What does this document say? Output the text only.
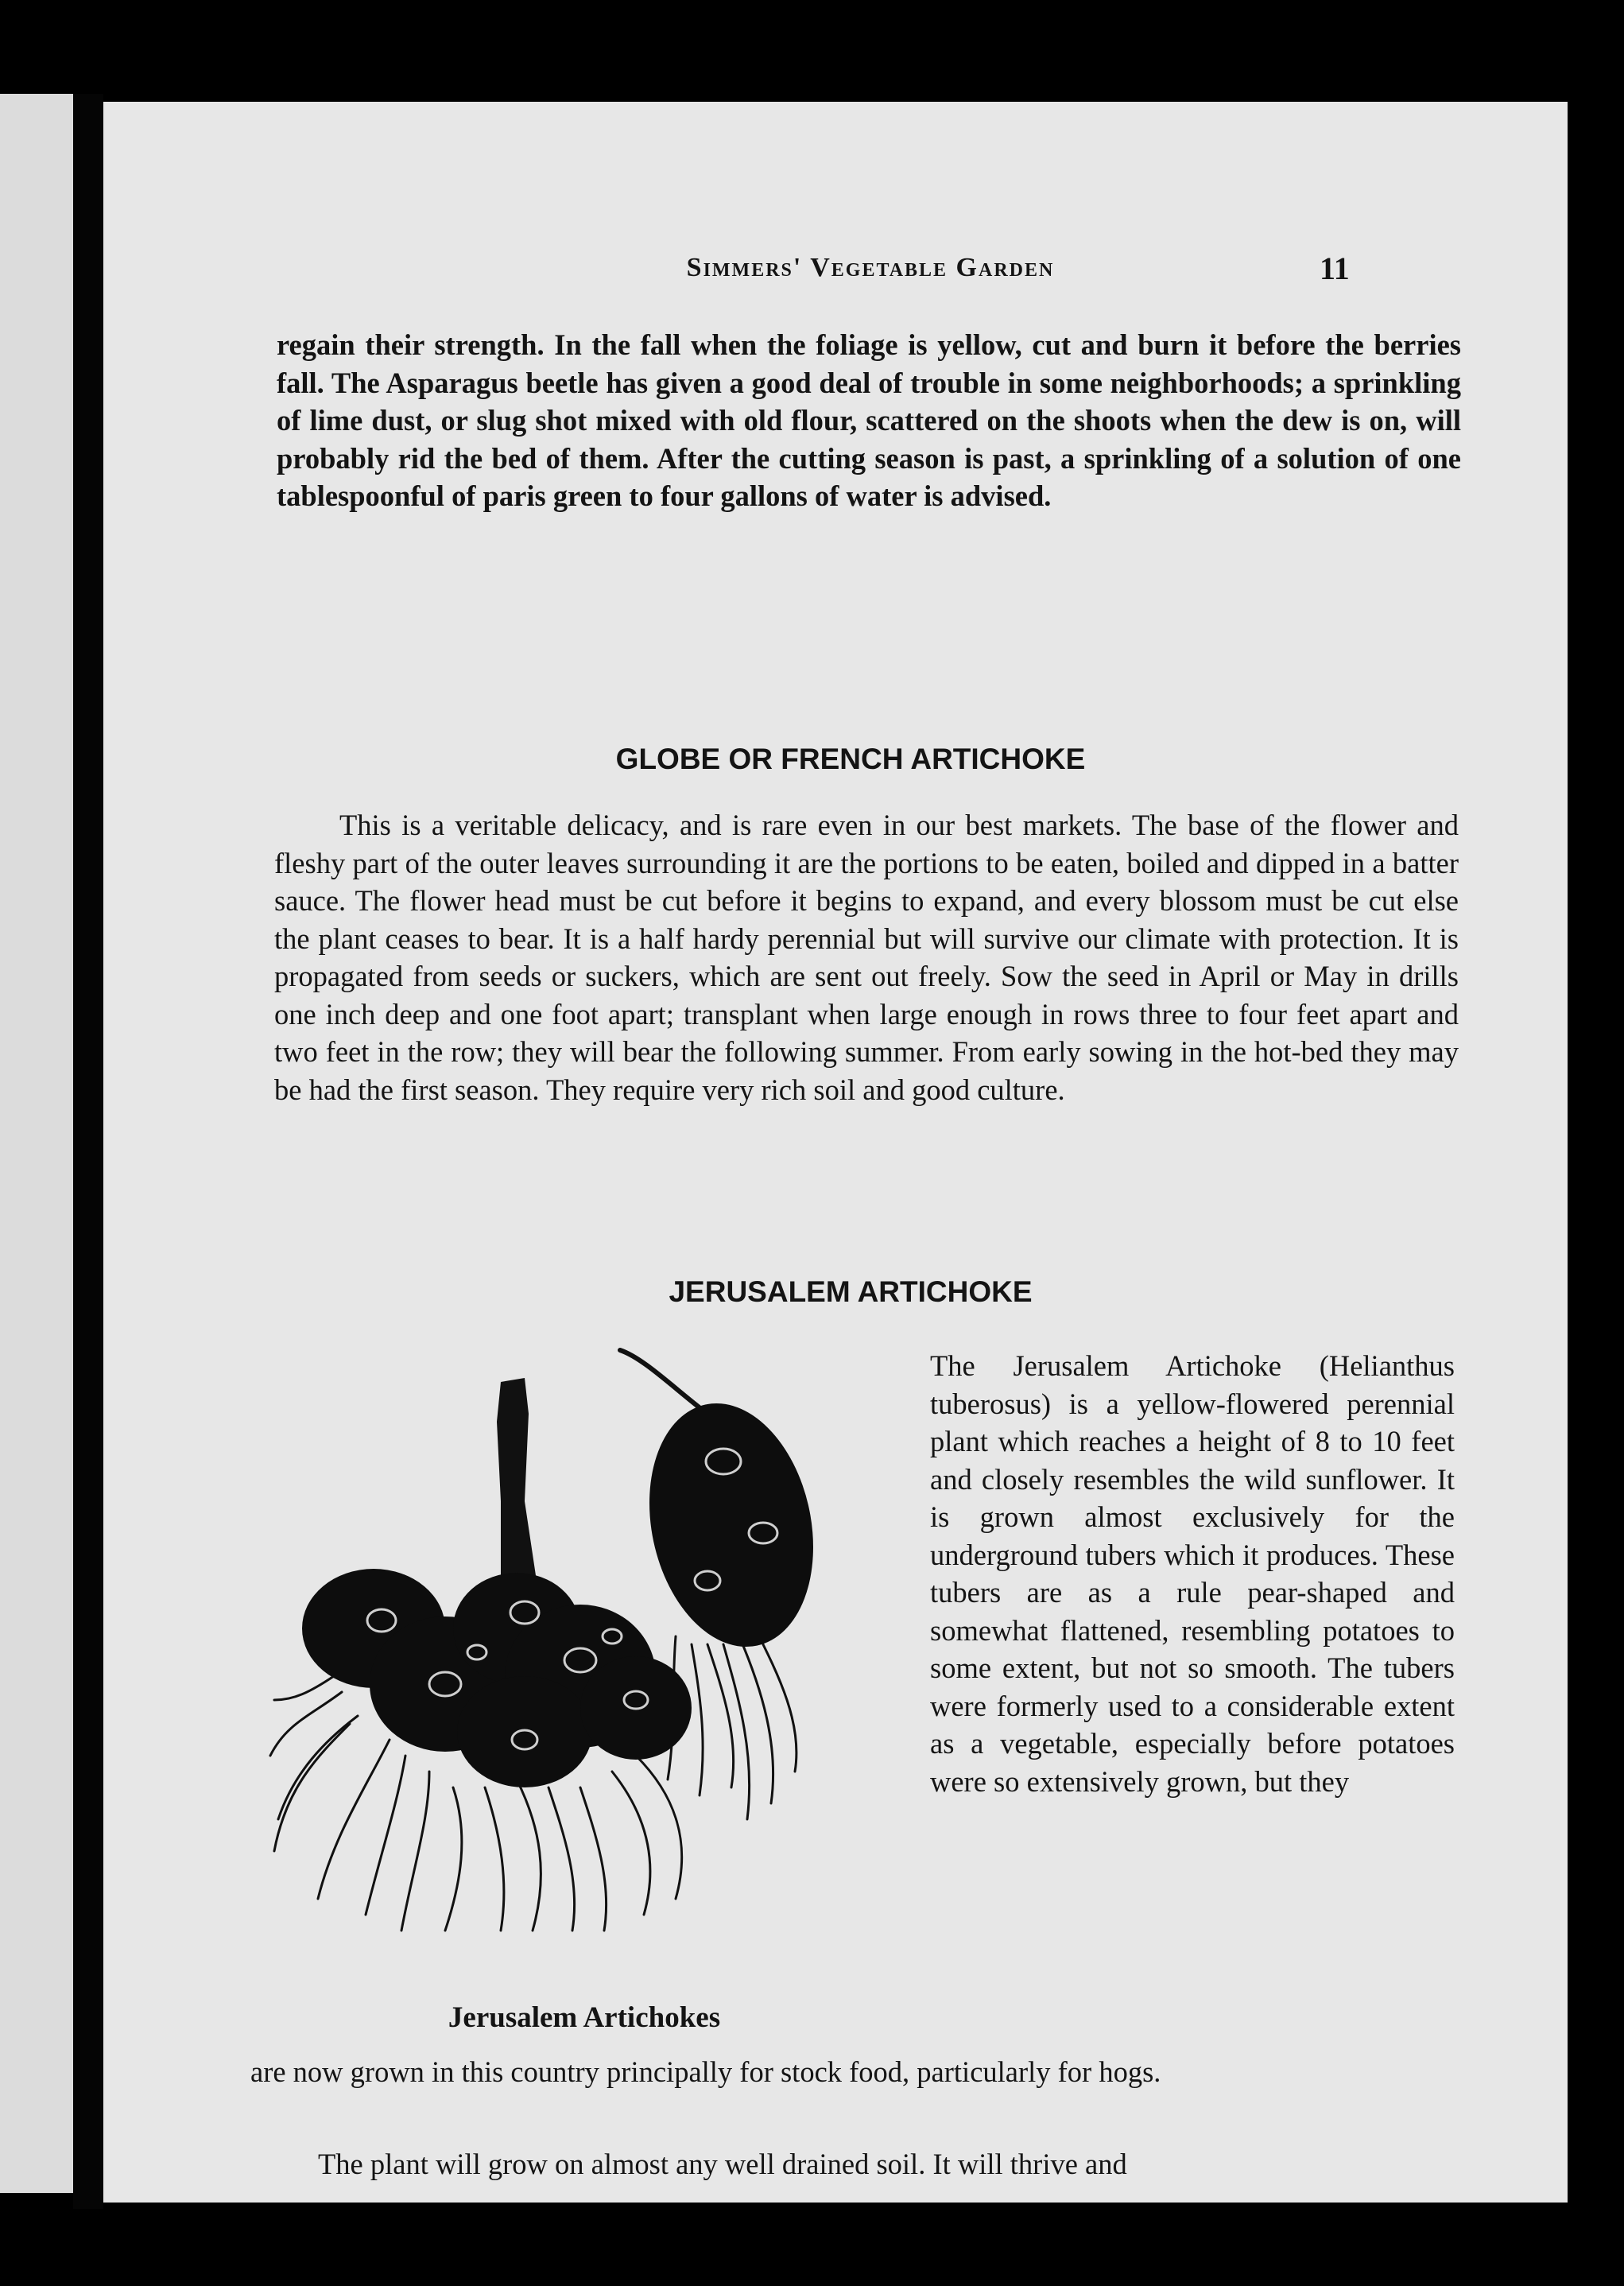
Simmers' Vegetable Garden	11

regain their strength. In the fall when the foliage is yellow, cut and burn it before the berries fall. The Asparagus beetle has given a good deal of trouble in some neighborhoods; a sprinkling of lime dust, or slug shot mixed with old flour, scattered on the shoots when the dew is on, will probably rid the bed of them. After the cutting season is past, a sprinkling of a solution of one tablespoonful of paris green to four gallons of water is advised.

GLOBE OR FRENCH ARTICHOKE

This is a veritable delicacy, and is rare even in our best markets. The base of the flower and fleshy part of the outer leaves surrounding it are the portions to be eaten, boiled and dipped in a batter sauce. The flower head must be cut before it begins to expand, and every blossom must be cut else the plant ceases to bear. It is a half hardy perennial but will survive our climate with protection. It is propagated from seeds or suckers, which are sent out freely. Sow the seed in April or May in drills one inch deep and one foot apart; transplant when large enough in rows three to four feet apart and two feet in the row; they will bear the following summer. From early sowing in the hot-bed they may be had the first season. They require very rich soil and good culture.

JERUSALEM ARTICHOKE

Jerusalem Artichokes

The Jerusalem Artichoke (Helianthus tuberosus) is a yellow-flowered perennial plant which reaches a height of 8 to 10 feet and closely resembles the wild sunflower. It is grown almost exclusively for the underground tubers which it produces. These tubers are as a rule pear-shaped and somewhat flattened, resembling potatoes to some extent, but not so smooth. The tubers were formerly used to a considerable extent as a vegetable, especially before potatoes were so extensively grown, but they

are now grown in this country principally for stock food, particularly for hogs.

The plant will grow on almost any well drained soil. It will thrive and
